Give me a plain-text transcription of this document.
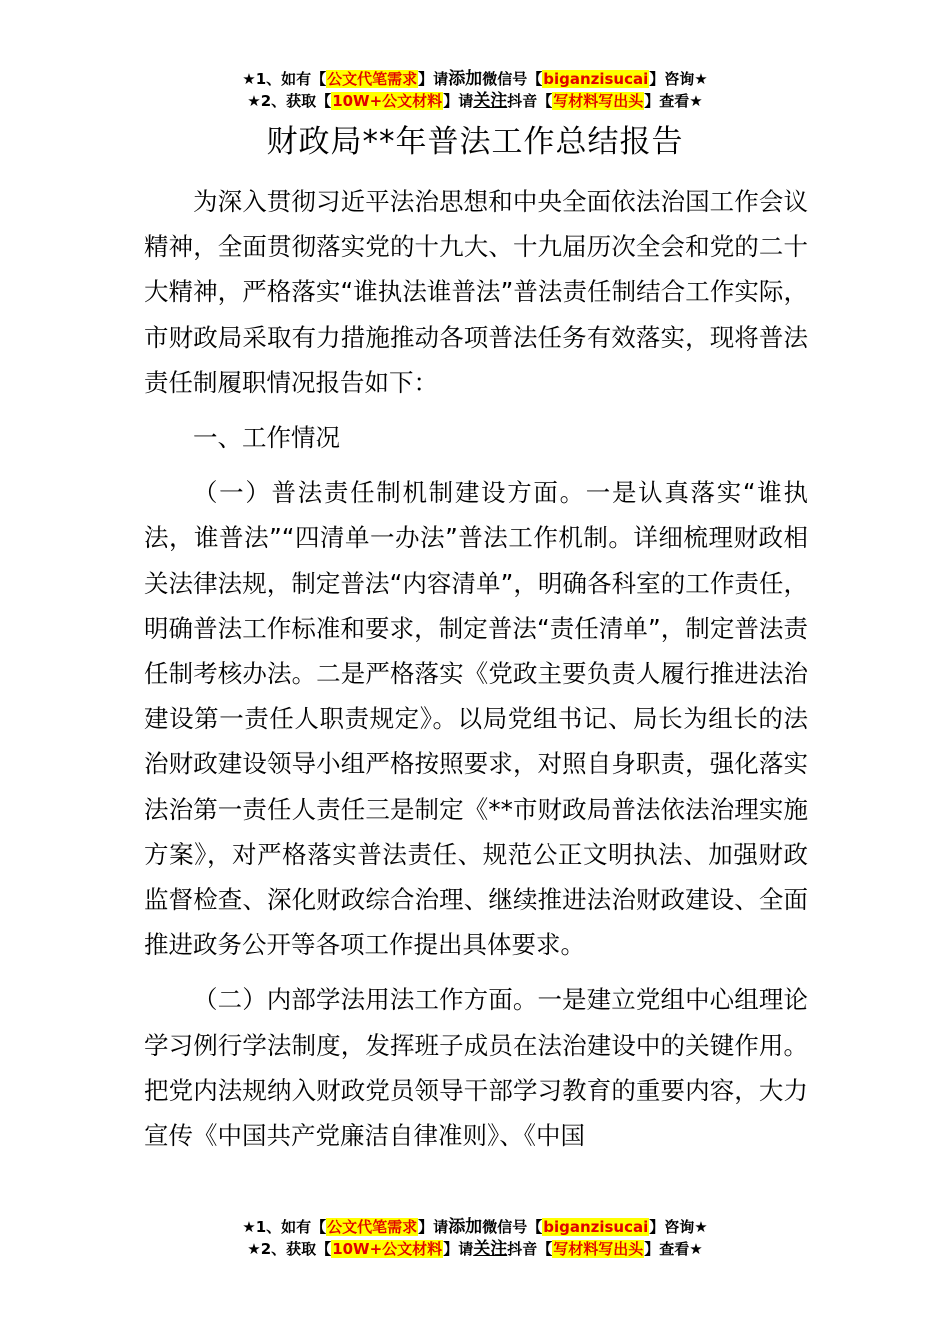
★1、如有【公文代笔需求】请添加微信号【biganzisucai】咨询★
★2、获取【10W+公文材料】请关注抖音【写材料写出头】查看★
财政局**年普法工作总结报告

为深入贯彻习近平法治思想和中央全面依法治国工作会议精神，全面贯彻落实党的十九大、十九届历次全会和党的二十大精神，严格落实“谁执法谁普法”普法责任制结合工作实际，市财政局采取有力措施推动各项普法任务有效落实，现将普法责任制履职情况报告如下：

一、工作情况

（一）普法责任制机制建设方面。一是认真落实“谁执法，谁普法”“四清单一办法”普法工作机制。详细梳理财政相关法律法规，制定普法“内容清单”，明确各科室的工作责任，明确普法工作标准和要求，制定普法“责任清单”，制定普法责任制考核办法。二是严格落实《党政主要负责人履行推进法治建设第一责任人职责规定》。以局党组书记、局长为组长的法治财政建设领导小组严格按照要求，对照自身职责，强化落实法治第一责任人责任三是制定《**市财政局普法依法治理实施方案》，对严格落实普法责任、规范公正文明执法、加强财政监督检查、深化财政综合治理、继续推进法治财政建设、全面推进政务公开等各项工作提出具体要求。

（二）内部学法用法工作方面。一是建立党组中心组理论学习例行学法制度，发挥班子成员在法治建设中的关键作用。把党内法规纳入财政党员领导干部学习教育的重要内容，大力宣传《中国共产党廉洁自律准则》、《中国

★1、如有【公文代笔需求】请添加微信号【biganzisucai】咨询★
★2、获取【10W+公文材料】请关注抖音【写材料写出头】查看★
